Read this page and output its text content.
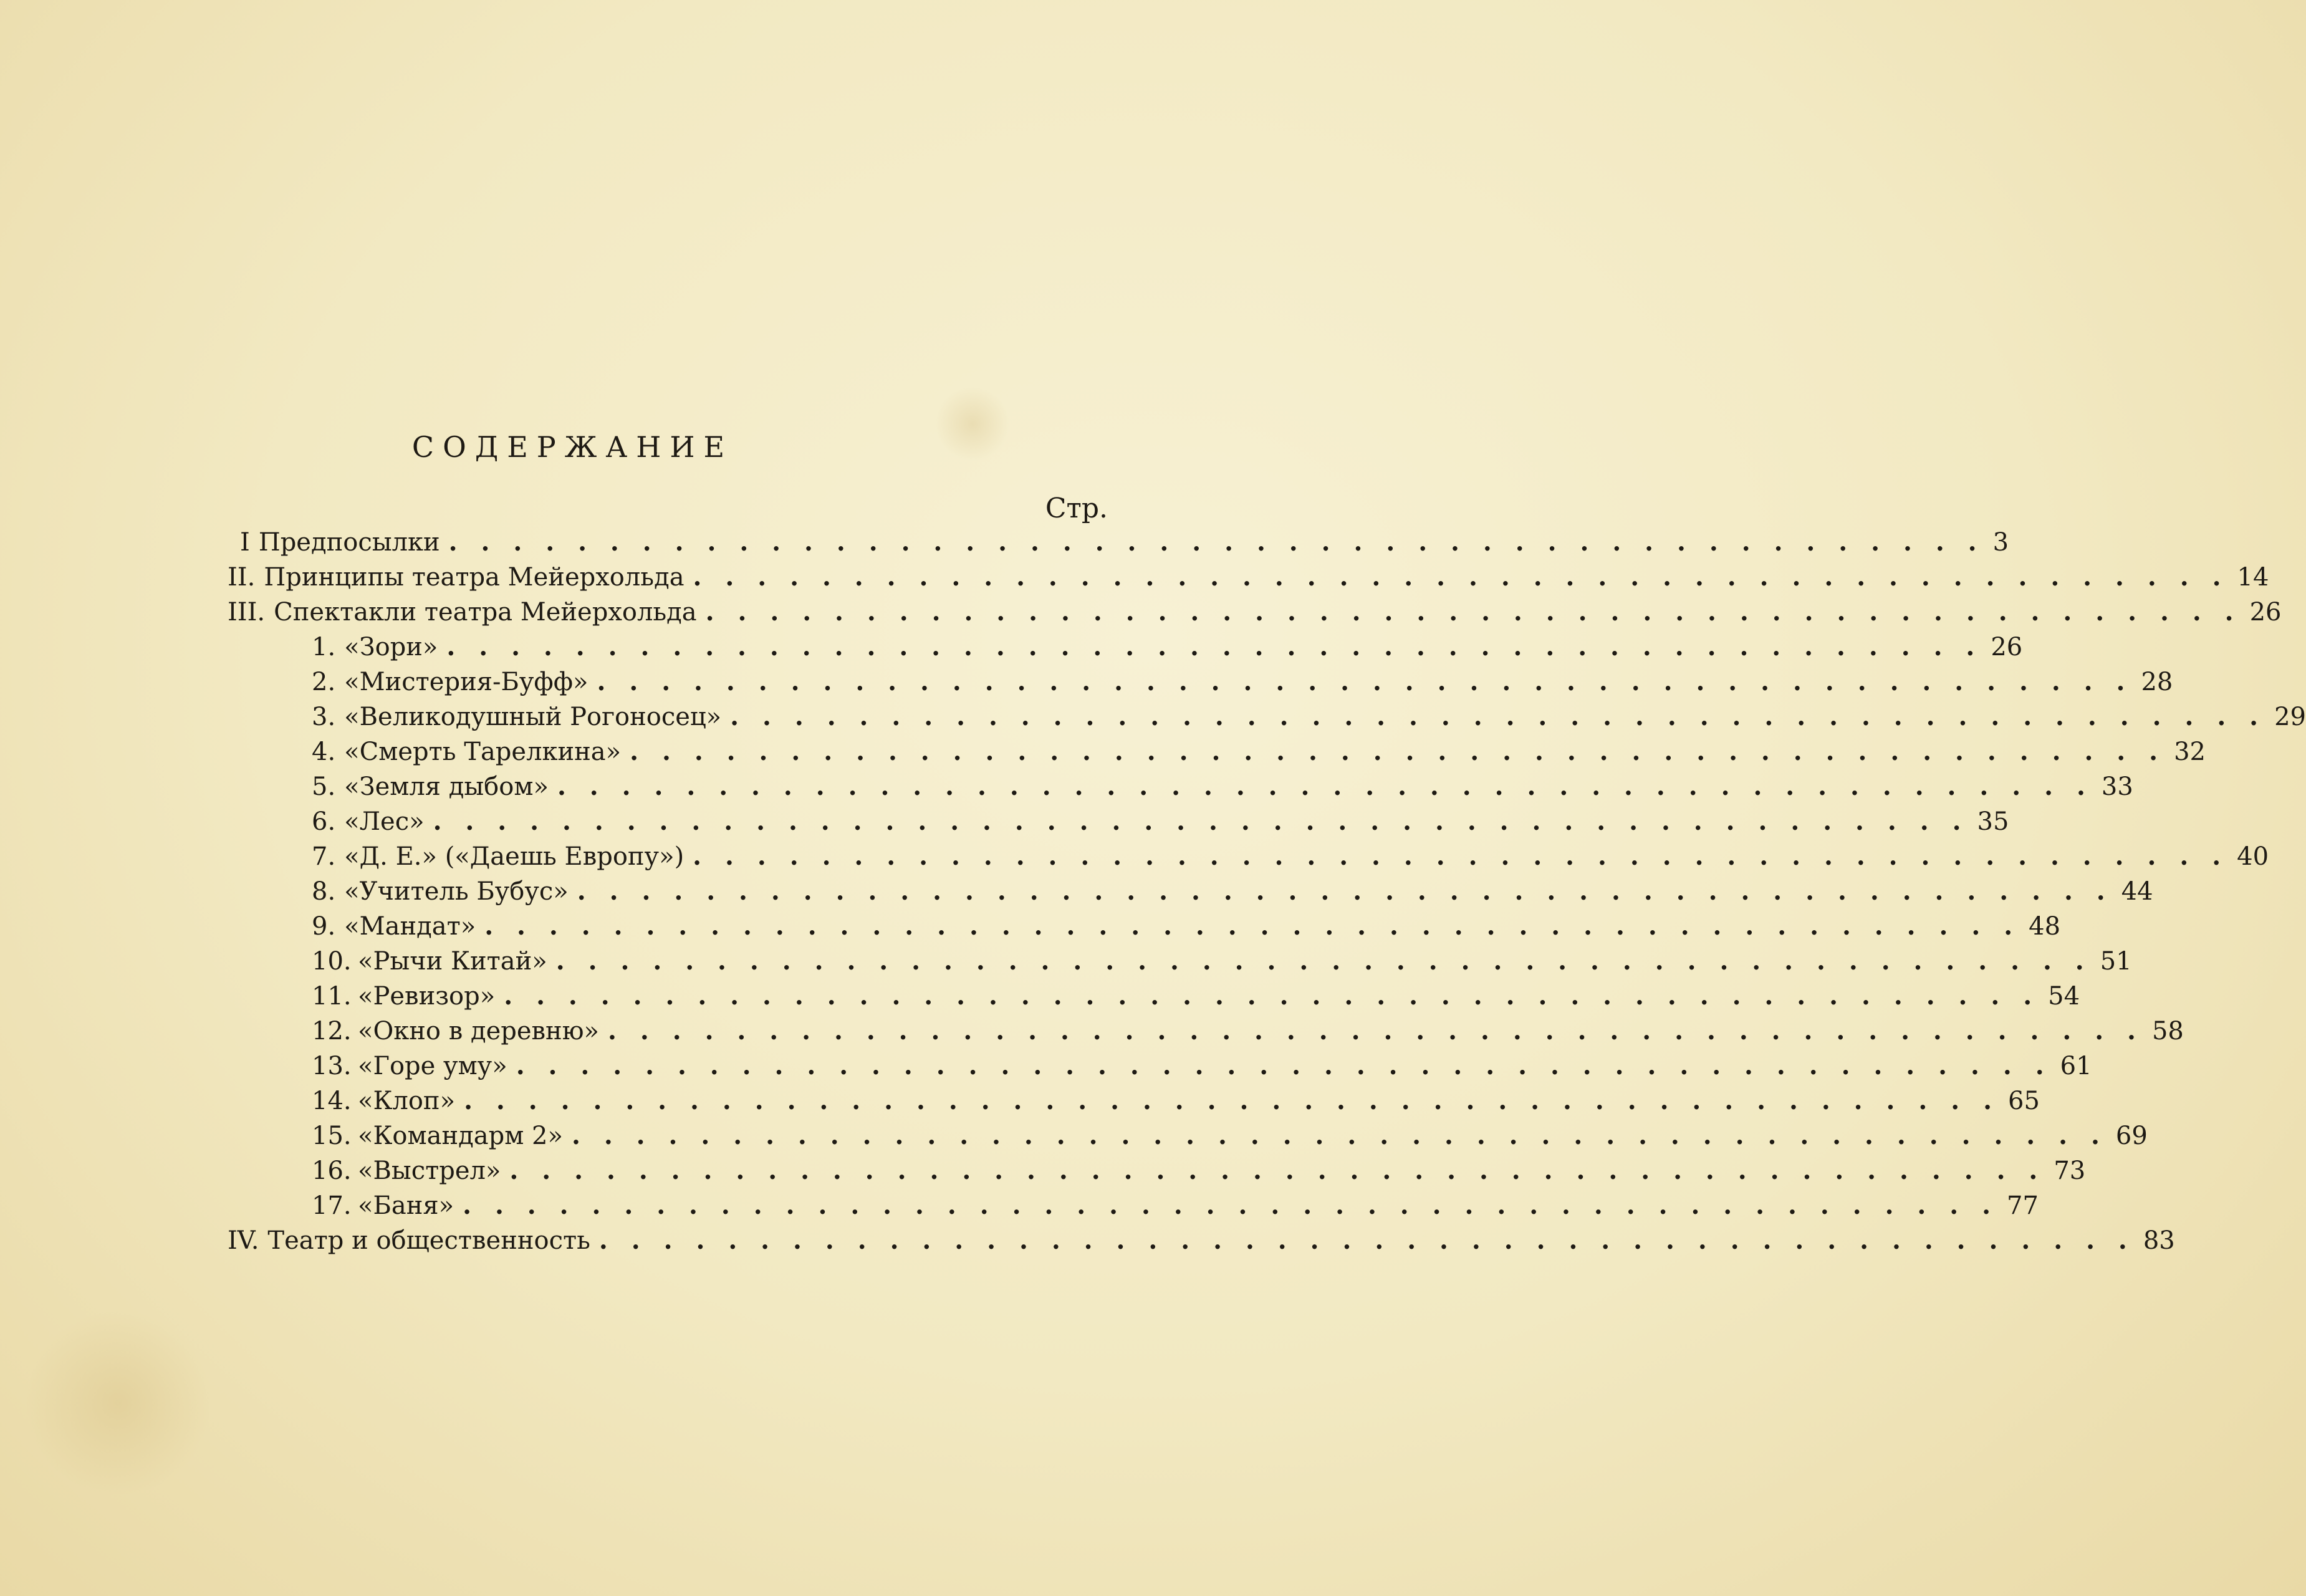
СОДЕРЖАНИЕ
Стр.
I Предпосылки . . . . . . . . . . . . . . . . . . . . . . . . . . . . . . . . . . . . . . . . . . . . . . . . 3
II. Принципы театра Мейерхольда . . . . . . . . . . . . . . . . . . . . . . . . . . . . . . . . . . . . . . . . . . . . . . . . 14
III. Спектакли театра Мейерхольда . . . . . . . . . . . . . . . . . . . . . . . . . . . . . . . . . . . . . . . . . . . . . . . . 26
1. «Зори» . . . . . . . . . . . . . . . . . . . . . . . . . . . . . . . . . . . . . . . . . . . . . . . . 26
2. «Мистерия-Буфф» . . . . . . . . . . . . . . . . . . . . . . . . . . . . . . . . . . . . . . . . . . . . . . . . 28
3. «Великодушный Рогоносец» . . . . . . . . . . . . . . . . . . . . . . . . . . . . . . . . . . . . . . . . . . . . . . . . 29
4. «Смерть Тарелкина» . . . . . . . . . . . . . . . . . . . . . . . . . . . . . . . . . . . . . . . . . . . . . . . . 32
5. «Земля дыбом» . . . . . . . . . . . . . . . . . . . . . . . . . . . . . . . . . . . . . . . . . . . . . . . . 33
6. «Лес» . . . . . . . . . . . . . . . . . . . . . . . . . . . . . . . . . . . . . . . . . . . . . . . . 35
7. «Д. Е.» («Даешь Европу») . . . . . . . . . . . . . . . . . . . . . . . . . . . . . . . . . . . . . . . . . . . . . . . . 40
8. «Учитель Бубус» . . . . . . . . . . . . . . . . . . . . . . . . . . . . . . . . . . . . . . . . . . . . . . . . 44
9. «Мандат» . . . . . . . . . . . . . . . . . . . . . . . . . . . . . . . . . . . . . . . . . . . . . . . . 48
10. «Рычи Китай» . . . . . . . . . . . . . . . . . . . . . . . . . . . . . . . . . . . . . . . . . . . . . . . . 51
11. «Ревизор» . . . . . . . . . . . . . . . . . . . . . . . . . . . . . . . . . . . . . . . . . . . . . . . . 54
12. «Окно в деревню» . . . . . . . . . . . . . . . . . . . . . . . . . . . . . . . . . . . . . . . . . . . . . . . . 58
13. «Горе уму» . . . . . . . . . . . . . . . . . . . . . . . . . . . . . . . . . . . . . . . . . . . . . . . . 61
14. «Клоп» . . . . . . . . . . . . . . . . . . . . . . . . . . . . . . . . . . . . . . . . . . . . . . . . 65
15. «Командарм 2» . . . . . . . . . . . . . . . . . . . . . . . . . . . . . . . . . . . . . . . . . . . . . . . . 69
16. «Выстрел» . . . . . . . . . . . . . . . . . . . . . . . . . . . . . . . . . . . . . . . . . . . . . . . . 73
17. «Баня» . . . . . . . . . . . . . . . . . . . . . . . . . . . . . . . . . . . . . . . . . . . . . . . . 77
IV. Театр и общественность . . . . . . . . . . . . . . . . . . . . . . . . . . . . . . . . . . . . . . . . . . . . . . . . 83
